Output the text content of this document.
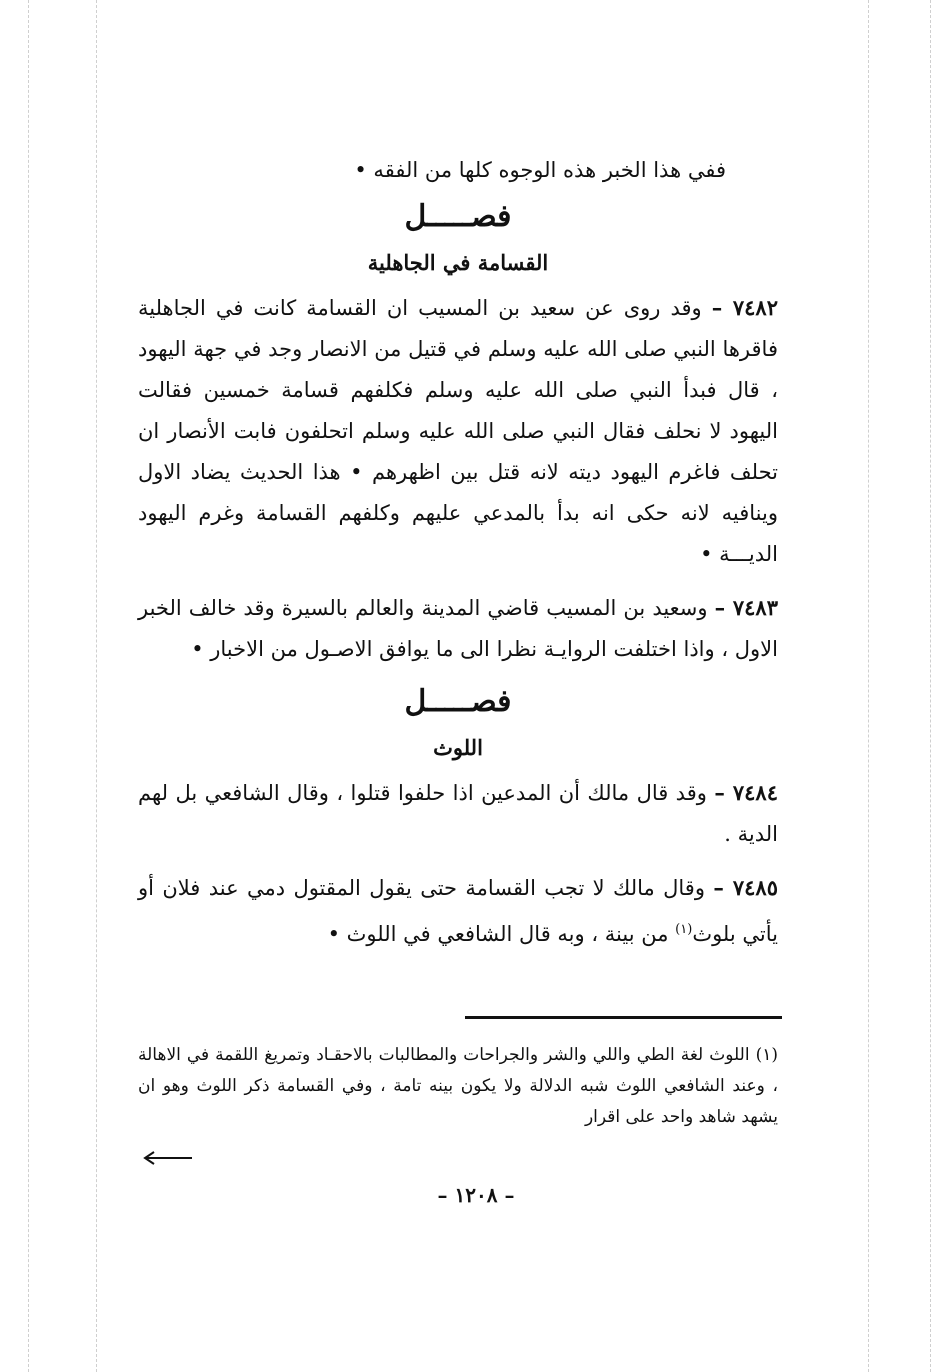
ففي هذا الخبر هذه الوجوه كلها من الفقه •

فصـــــل
القسامة في الجاهلية

٧٤٨٢ – وقد روى عن سعيد بن المسيب ان القسامة كانت في الجاهلية فاقرها النبي صلى الله عليه وسلم في قتيل من الانصار وجد في جهة اليهود ، قال فبدأ النبي صلى الله عليه وسلم فكلفهم قسامة خمسين فقالت اليهود لا نحلف فقال النبي صلى الله عليه وسلم اتحلفون فابت الأنصار ان تحلف فاغرم اليهود ديته لانه قتل بين اظهرهم • هذا الحديث يضاد الاول وينافيه لانه حكى انه بدأ بالمدعي عليهم وكلفهم القسامة وغرم اليهود الديـــة •

٧٤٨٣ – وسعيد بن المسيب قاضي المدينة والعالم بالسيرة وقد خالف الخبر الاول ، واذا اختلفت الروايـة نظرا الى ما يوافق الاصـول من الاخبار •

فصـــــل
اللوث

٧٤٨٤ – وقد قال مالك أن المدعين اذا حلفوا قتلوا ، وقال الشافعي بل لهم الدية .

٧٤٨٥ – وقال مالك لا تجب القسامة حتى يقول المقتول دمي عند فلان أو يأتي بلوث$^{(١)}$ من بينة ، وبه قال الشافعي في اللوث •

(١) اللوث لغة الطي واللي والشر والجراحات والمطالبات بالاحقـاد وتمريغ اللقمة في الاهالة ، وعند الشافعي اللوث شبه الدلالة ولا يكون بينه تامة ، وفي القسامة ذكر اللوث وهو ان يشهد شاهد واحد على اقرار

– ١٢٠٨ –
